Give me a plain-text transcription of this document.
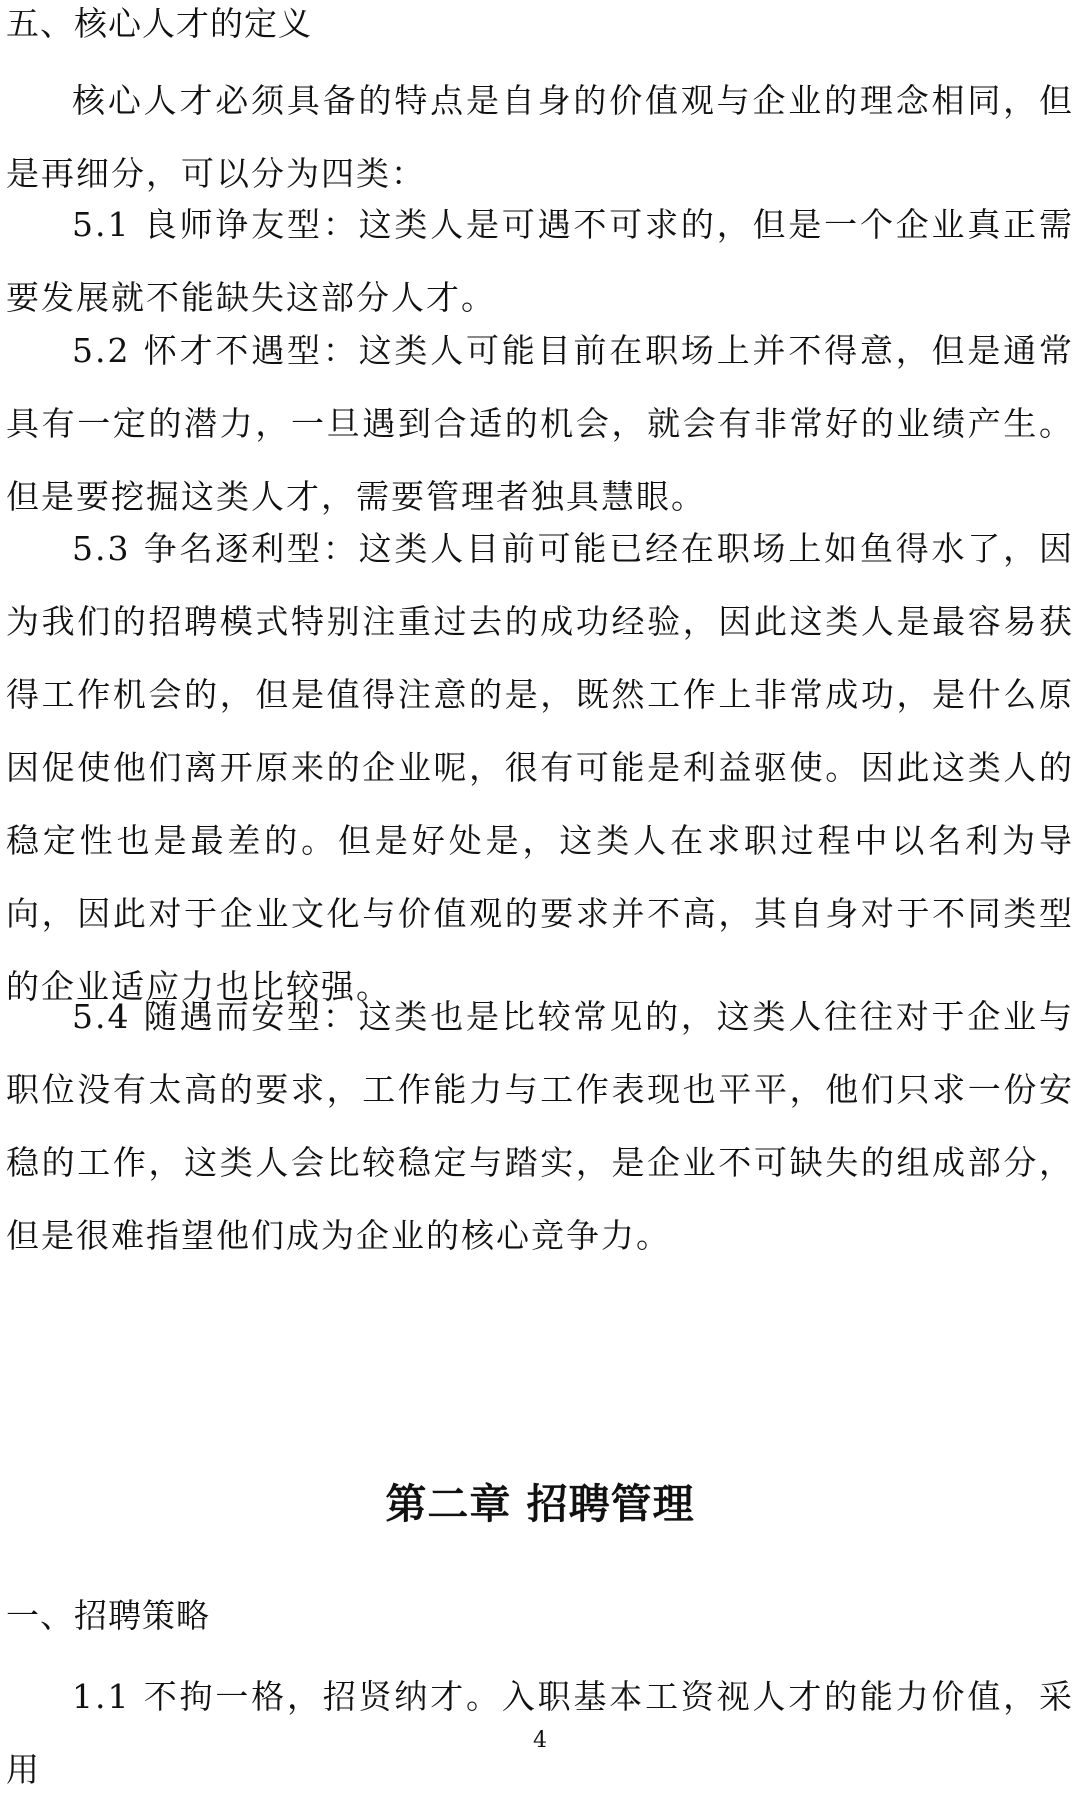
五、核心人才的定义

核心人才必须具备的特点是自身的价值观与企业的理念相同，但是再细分，可以分为四类：

5.1 良师诤友型：这类人是可遇不可求的，但是一个企业真正需要发展就不能缺失这部分人才。

5.2 怀才不遇型：这类人可能目前在职场上并不得意，但是通常具有一定的潜力，一旦遇到合适的机会，就会有非常好的业绩产生。但是要挖掘这类人才，需要管理者独具慧眼。

5.3 争名逐利型：这类人目前可能已经在职场上如鱼得水了，因为我们的招聘模式特别注重过去的成功经验，因此这类人是最容易获得工作机会的，但是值得注意的是，既然工作上非常成功，是什么原因促使他们离开原来的企业呢，很有可能是利益驱使。因此这类人的稳定性也是最差的。但是好处是，这类人在求职过程中以名利为导向，因此对于企业文化与价值观的要求并不高，其自身对于不同类型的企业适应力也比较强。

5.4 随遇而安型：这类也是比较常见的，这类人往往对于企业与职位没有太高的要求，工作能力与工作表现也平平，他们只求一份安稳的工作，这类人会比较稳定与踏实，是企业不可缺失的组成部分，但是很难指望他们成为企业的核心竞争力。

第二章 招聘管理
一、招聘策略

1.1 不拘一格，招贤纳才。入职基本工资视人才的能力价值，采用

4
